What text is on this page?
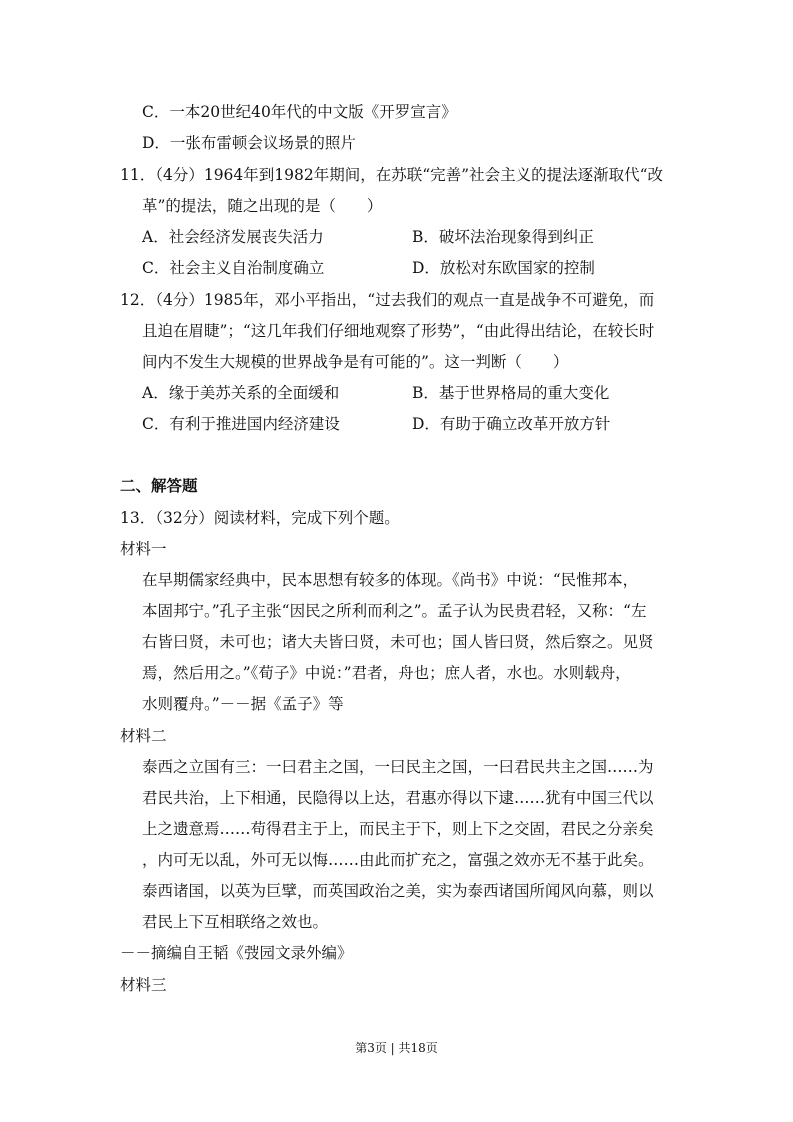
C．一本20世纪40年代的中文版《开罗宣言》
D．一张布雷顿会议场景的照片
11．（4分）1964年到1982年期间，在苏联“完善”社会主义的提法逐渐取代“改
革”的提法，随之出现的是（　　）
A．社会经济发展丧失活力	B．破坏法治现象得到纠正
C．社会主义自治制度确立	D．放松对东欧国家的控制
12．（4分）1985年，邓小平指出，“过去我们的观点一直是战争不可避免，而
且迫在眉睫”；“这几年我们仔细地观察了形势”，“由此得出结论，在较长时
间内不发生大规模的世界战争是有可能的”。这一判断（　　）
A．缘于美苏关系的全面缓和	B．基于世界格局的重大变化
C．有利于推进国内经济建设	D．有助于确立改革开放方针
二、解答题
13．（32分）阅读材料，完成下列个题。
材料一
在早期儒家经典中，民本思想有较多的体现。《尚书》中说：“民惟邦本，
本固邦宁。”孔子主张“因民之所利而利之”。孟子认为民贵君轻，又称：“左
右皆曰贤，未可也；诸大夫皆曰贤，未可也；国人皆曰贤，然后察之。见贤
焉，然后用之。”《荀子》中说：”君者，舟也；庶人者，水也。水则载舟，
水则覆舟。”－－据《孟子》等
材料二
泰西之立国有三：一曰君主之国，一曰民主之国，一曰君民共主之国……为
君民共治，上下相通，民隐得以上达，君惠亦得以下逮……犹有中国三代以
上之遗意焉……苟得君主于上，而民主于下，则上下之交固，君民之分亲矣
，内可无以乱，外可无以悔……由此而扩充之，富强之效亦无不基于此矣。
泰西诸国，以英为巨擘，而英国政治之美，实为泰西诸国所闻风向慕，则以
君民上下互相联络之效也。
－－摘编自王韬《弢园文录外编》
材料三
第3页 | 共18页
